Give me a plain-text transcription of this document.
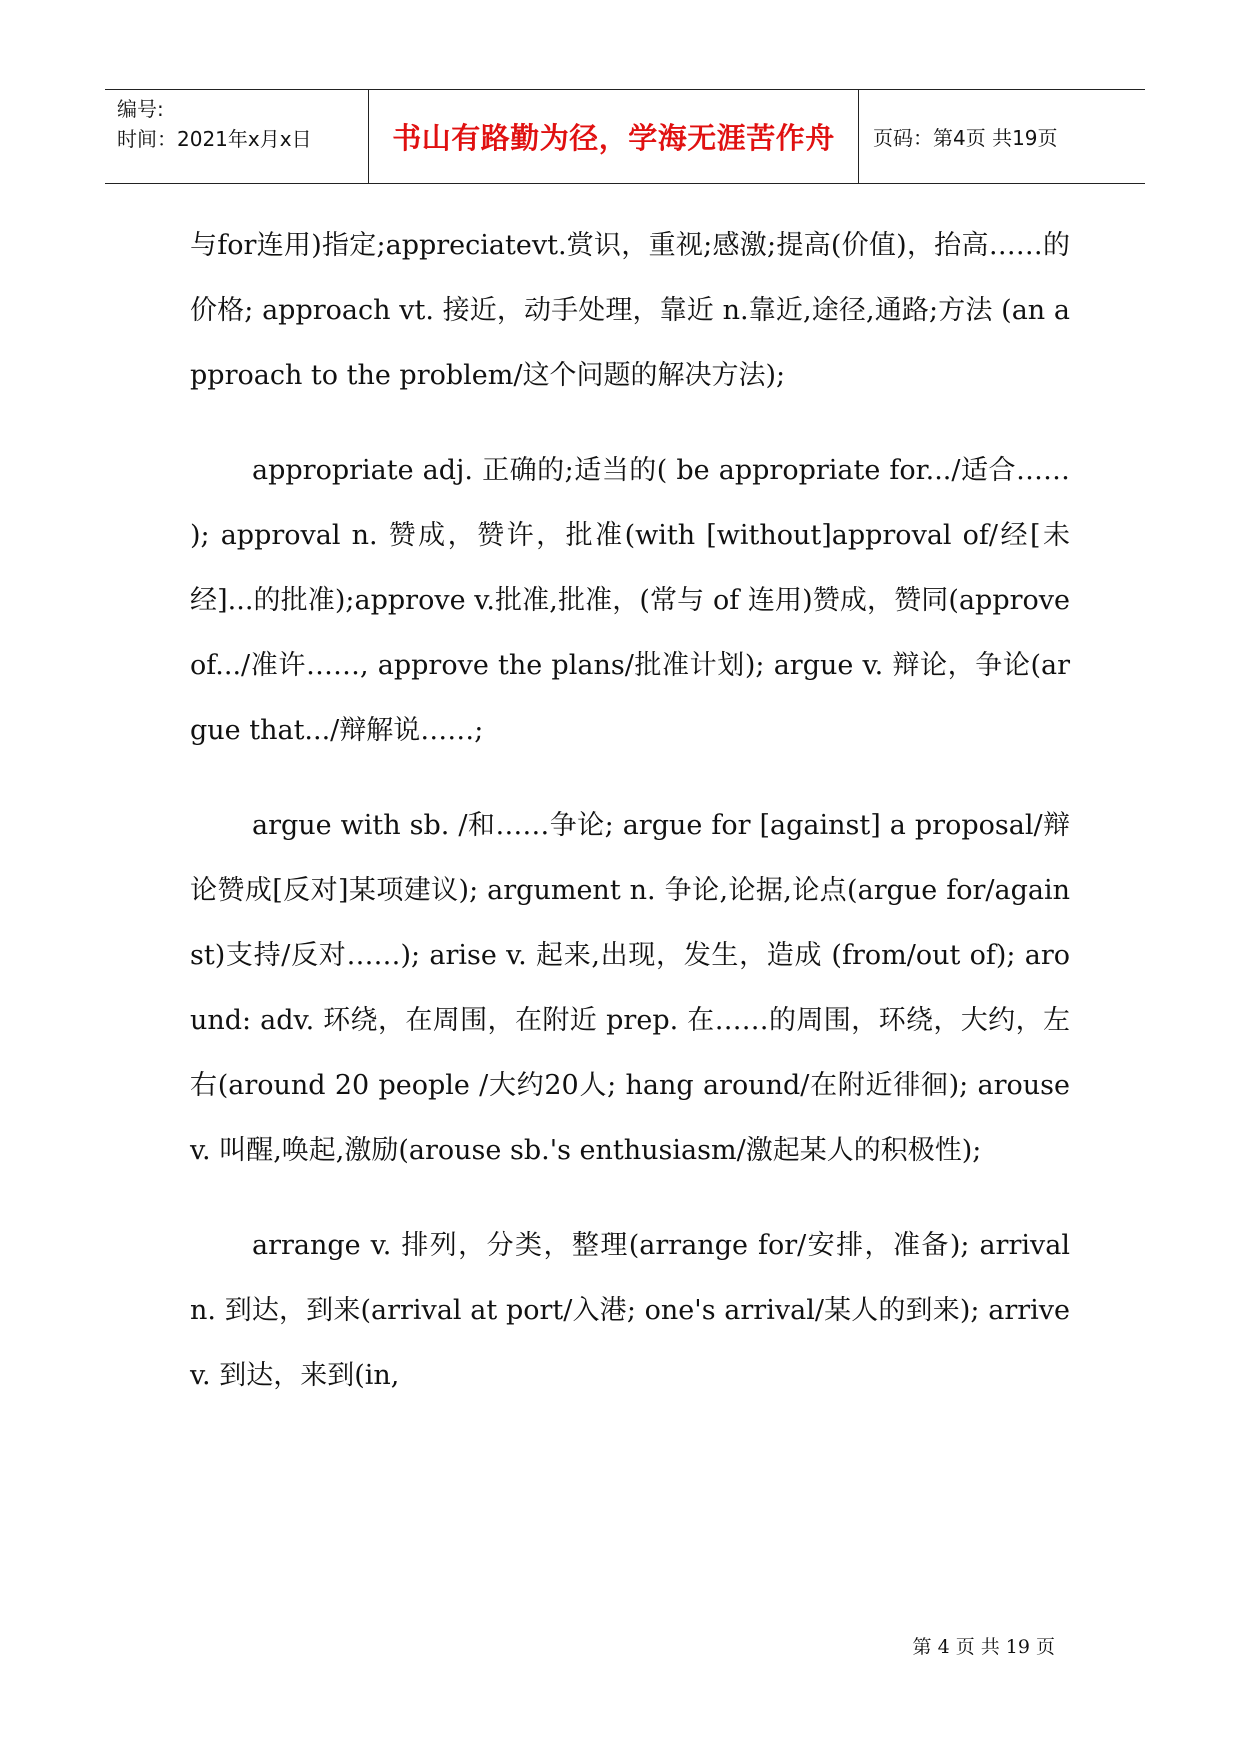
编号:
时间：2021年x月x日	书山有路勤为径，学海无涯苦作舟 页码：第4页 共19页

与for连用)指定;appreciatevt.赏识，重视;感激;提高(价值)，抬高……的价格; approach vt. 接近，动手处理，靠近 n.靠近,途径,通路;方法 (an approach to the problem/这个问题的解决方法);

appropriate adj. 正确的;适当的( be appropriate for.../适合…… ); approval n. 赞成，赞许，批准(with [without]approval of/经[未经]...的批准);approve v.批准,批准，(常与 of 连用)赞成，赞同(approve of.../准许……, approve the plans/批准计划); argue v. 辩论，争论(argue that.../辩解说……;

argue with sb. /和……争论; argue for [against] a proposal/辩论赞成[反对]某项建议); argument n. 争论,论据,论点(argue for/against)支持/反对……); arise v. 起来,出现，发生，造成 (from/out of); around: adv. 环绕，在周围，在附近 prep. 在……的周围，环绕，大约，左右(around 20 people /大约20人; hang around/在附近徘徊); arouse v. 叫醒,唤起,激励(arouse sb.'s enthusiasm/激起某人的积极性);

arrange v. 排列，分类，整理(arrange for/安排，准备); arrival n. 到达，到来(arrival at port/入港; one's arrival/某人的到来); arrive v. 到达，来到(in,

第 4 页 共 19 页
